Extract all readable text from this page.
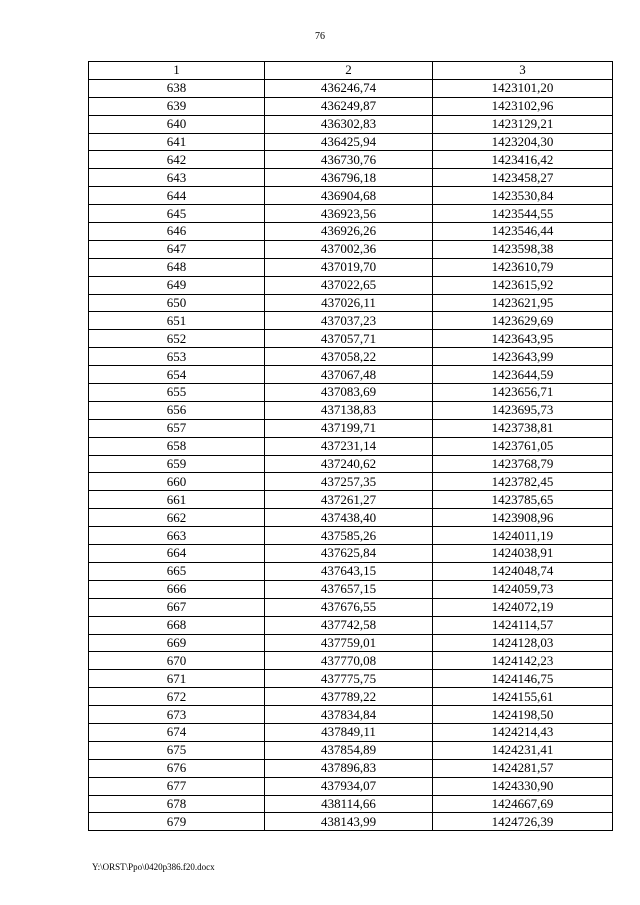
76
1	2	3
638	436246,74	1423101,20
639	436249,87	1423102,96
640	436302,83	1423129,21
641	436425,94	1423204,30
642	436730,76	1423416,42
643	436796,18	1423458,27
644	436904,68	1423530,84
645	436923,56	1423544,55
646	436926,26	1423546,44
647	437002,36	1423598,38
648	437019,70	1423610,79
649	437022,65	1423615,92
650	437026,11	1423621,95
651	437037,23	1423629,69
652	437057,71	1423643,95
653	437058,22	1423643,99
654	437067,48	1423644,59
655	437083,69	1423656,71
656	437138,83	1423695,73
657	437199,71	1423738,81
658	437231,14	1423761,05
659	437240,62	1423768,79
660	437257,35	1423782,45
661	437261,27	1423785,65
662	437438,40	1423908,96
663	437585,26	1424011,19
664	437625,84	1424038,91
665	437643,15	1424048,74
666	437657,15	1424059,73
667	437676,55	1424072,19
668	437742,58	1424114,57
669	437759,01	1424128,03
670	437770,08	1424142,23
671	437775,75	1424146,75
672	437789,22	1424155,61
673	437834,84	1424198,50
674	437849,11	1424214,43
675	437854,89	1424231,41
676	437896,83	1424281,57
677	437934,07	1424330,90
678	438114,66	1424667,69
679	438143,99	1424726,39
Y:\ORST\Ppo\0420p386.f20.docx
